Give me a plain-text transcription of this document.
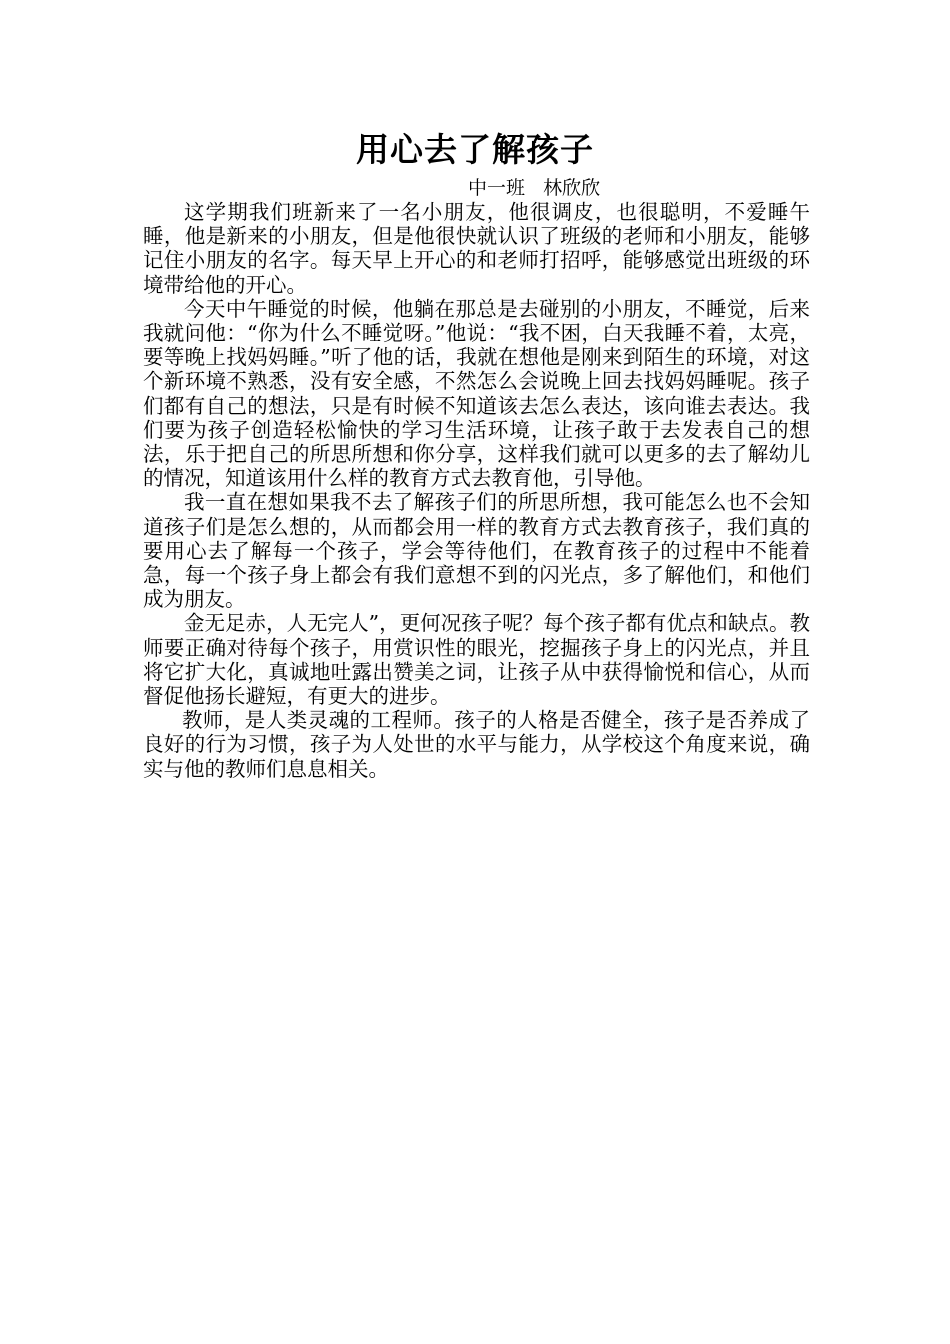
用心去了解孩子
中一班   林欣欣

这学期我们班新来了一名小朋友，他很调皮，也很聪明，不爱睡午睡，他是新来的小朋友，但是他很快就认识了班级的老师和小朋友，能够记住小朋友的名字。每天早上开心的和老师打招呼，能够感觉出班级的环境带给他的开心。

今天中午睡觉的时候，他躺在那总是去碰别的小朋友，不睡觉，后来我就问他：“你为什么不睡觉呀。”他说：“我不困，白天我睡不着，太亮，要等晚上找妈妈睡。”听了他的话，我就在想他是刚来到陌生的环境，对这个新环境不熟悉，没有安全感，不然怎么会说晚上回去找妈妈睡呢。孩子们都有自己的想法，只是有时候不知道该去怎么表达，该向谁去表达。我们要为孩子创造轻松愉快的学习生活环境，让孩子敢于去发表自己的想法，乐于把自己的所思所想和你分享，这样我们就可以更多的去了解幼儿的情况，知道该用什么样的教育方式去教育他，引导他。

我一直在想如果我不去了解孩子们的所思所想，我可能怎么也不会知道孩子们是怎么想的，从而都会用一样的教育方式去教育孩子，我们真的要用心去了解每一个孩子，学会等待他们，在教育孩子的过程中不能着急，每一个孩子身上都会有我们意想不到的闪光点，多了解他们，和他们成为朋友。

金无足赤，人无完人”，更何况孩子呢？每个孩子都有优点和缺点。教师要正确对待每个孩子，用赏识性的眼光，挖掘孩子身上的闪光点，并且将它扩大化，真诚地吐露出赞美之词，让孩子从中获得愉悦和信心，从而督促他扬长避短，有更大的进步。

教师，是人类灵魂的工程师。孩子的人格是否健全，孩子是否养成了良好的行为习惯，孩子为人处世的水平与能力，从学校这个角度来说，确实与他的教师们息息相关。
